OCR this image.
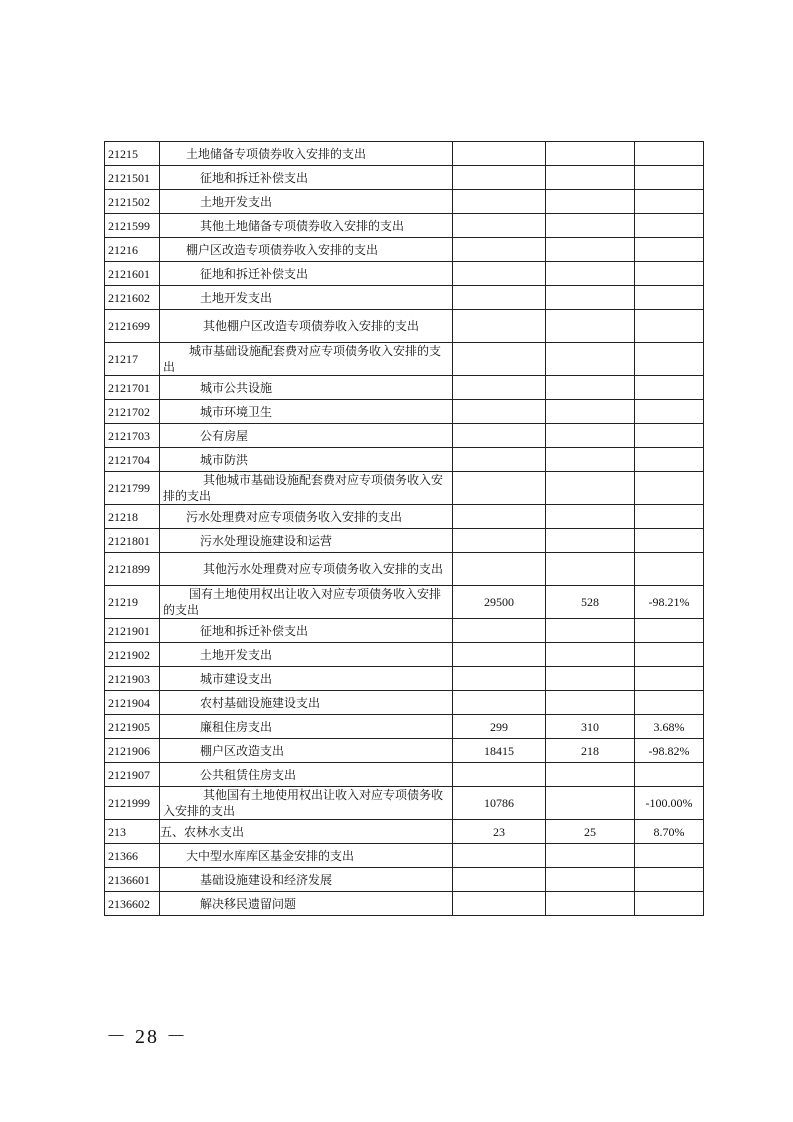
21215	土地储备专项债券收入安排的支出			
2121501	征地和拆迁补偿支出			
2121502	土地开发支出			
2121599	其他土地储备专项债券收入安排的支出			
21216	棚户区改造专项债券收入安排的支出			
2121601	征地和拆迁补偿支出			
2121602	土地开发支出			
2121699	其他棚户区改造专项债券收入安排的支出			
21217	城市基础设施配套费对应专项债务收入安排的支出			
2121701	城市公共设施			
2121702	城市环境卫生			
2121703	公有房屋			
2121704	城市防洪			
2121799	其他城市基础设施配套费对应专项债务收入安排的支出			
21218	污水处理费对应专项债务收入安排的支出			
2121801	污水处理设施建设和运营			
2121899	其他污水处理费对应专项债务收入安排的支出			
21219	国有土地使用权出让收入对应专项债务收入安排的支出	29500	528	-98.21%
2121901	征地和拆迁补偿支出			
2121902	土地开发支出			
2121903	城市建设支出			
2121904	农村基础设施建设支出			
2121905	廉租住房支出	299	310	3.68%
2121906	棚户区改造支出	18415	218	-98.82%
2121907	公共租赁住房支出			
2121999	其他国有土地使用权出让收入对应专项债务收入安排的支出	10786		-100.00%
213	五、农林水支出	23	25	8.70%
21366	大中型水库库区基金安排的支出			
2136601	基础设施建设和经济发展			
2136602	解决移民遗留问题			
－ 28 －
